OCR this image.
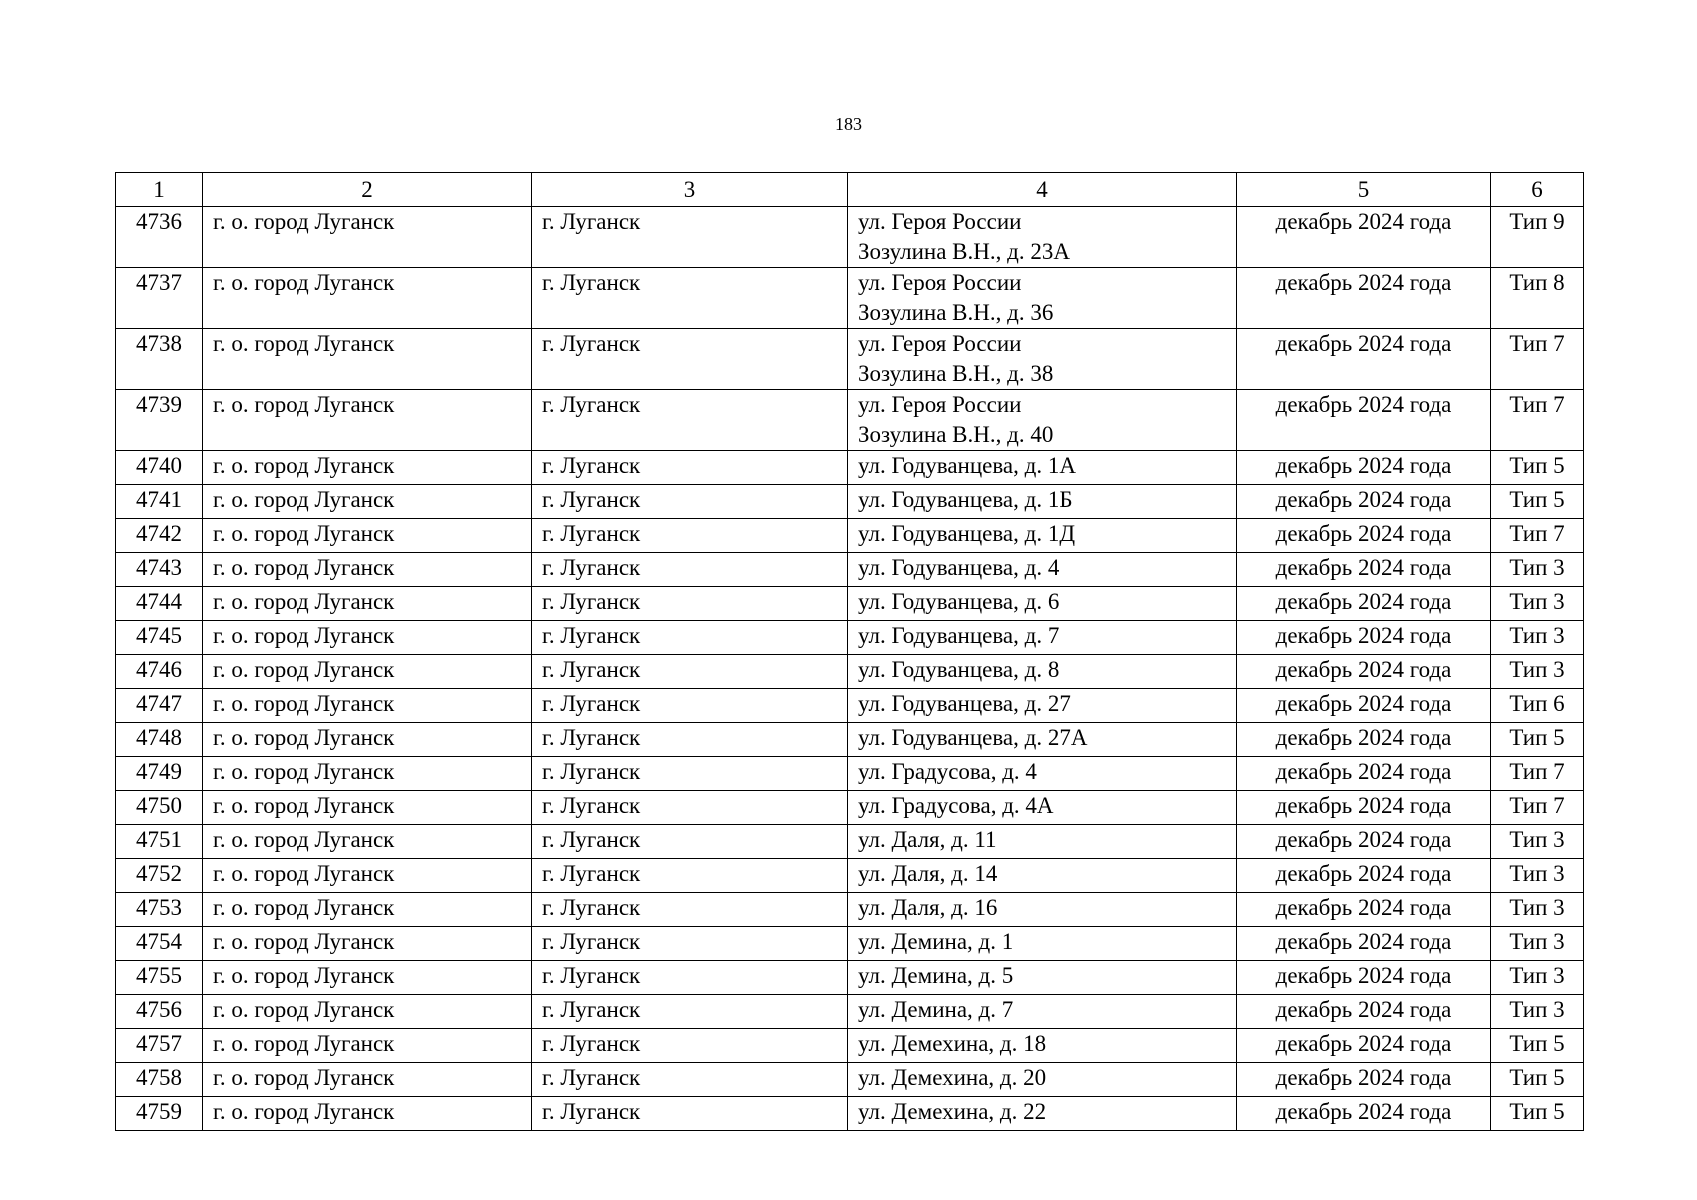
183
1	2	3	4	5	6
4736	г. о. город Луганск	г. Луганск	ул. Героя России
Зозулина В.Н., д. 23А	декабрь 2024 года	Тип 9
4737	г. о. город Луганск	г. Луганск	ул. Героя России
Зозулина В.Н., д. 36	декабрь 2024 года	Тип 8
4738	г. о. город Луганск	г. Луганск	ул. Героя России
Зозулина В.Н., д. 38	декабрь 2024 года	Тип 7
4739	г. о. город Луганск	г. Луганск	ул. Героя России
Зозулина В.Н., д. 40	декабрь 2024 года	Тип 7
4740	г. о. город Луганск	г. Луганск	ул. Годуванцева, д. 1А	декабрь 2024 года	Тип 5
4741	г. о. город Луганск	г. Луганск	ул. Годуванцева, д. 1Б	декабрь 2024 года	Тип 5
4742	г. о. город Луганск	г. Луганск	ул. Годуванцева, д. 1Д	декабрь 2024 года	Тип 7
4743	г. о. город Луганск	г. Луганск	ул. Годуванцева, д. 4	декабрь 2024 года	Тип 3
4744	г. о. город Луганск	г. Луганск	ул. Годуванцева, д. 6	декабрь 2024 года	Тип 3
4745	г. о. город Луганск	г. Луганск	ул. Годуванцева, д. 7	декабрь 2024 года	Тип 3
4746	г. о. город Луганск	г. Луганск	ул. Годуванцева, д. 8	декабрь 2024 года	Тип 3
4747	г. о. город Луганск	г. Луганск	ул. Годуванцева, д. 27	декабрь 2024 года	Тип 6
4748	г. о. город Луганск	г. Луганск	ул. Годуванцева, д. 27А	декабрь 2024 года	Тип 5
4749	г. о. город Луганск	г. Луганск	ул. Градусова, д. 4	декабрь 2024 года	Тип 7
4750	г. о. город Луганск	г. Луганск	ул. Градусова, д. 4А	декабрь 2024 года	Тип 7
4751	г. о. город Луганск	г. Луганск	ул. Даля, д. 11	декабрь 2024 года	Тип 3
4752	г. о. город Луганск	г. Луганск	ул. Даля, д. 14	декабрь 2024 года	Тип 3
4753	г. о. город Луганск	г. Луганск	ул. Даля, д. 16	декабрь 2024 года	Тип 3
4754	г. о. город Луганск	г. Луганск	ул. Демина, д. 1	декабрь 2024 года	Тип 3
4755	г. о. город Луганск	г. Луганск	ул. Демина, д. 5	декабрь 2024 года	Тип 3
4756	г. о. город Луганск	г. Луганск	ул. Демина, д. 7	декабрь 2024 года	Тип 3
4757	г. о. город Луганск	г. Луганск	ул. Демехина, д. 18	декабрь 2024 года	Тип 5
4758	г. о. город Луганск	г. Луганск	ул. Демехина, д. 20	декабрь 2024 года	Тип 5
4759	г. о. город Луганск	г. Луганск	ул. Демехина, д. 22	декабрь 2024 года	Тип 5
